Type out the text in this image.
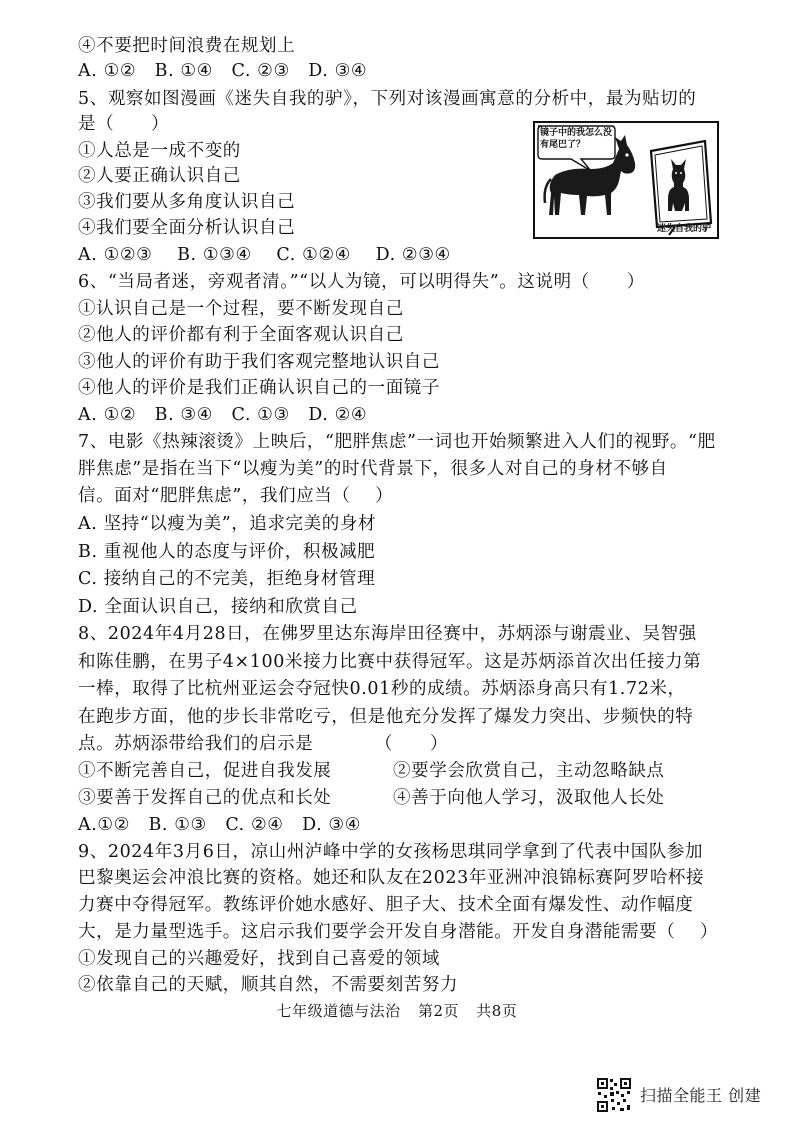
④不要把时间浪费在规划上
A. ①②   B. ①④   C. ②③   D. ③④
5、观察如图漫画《迷失自我的驴》，下列对该漫画寓意的分析中，最为贴切的
是（      ）
①人总是一成不变的
②人要正确认识自己
③我们要从多角度认识自己
④我们要全面分析认识自己
A. ①②③    B. ①③④    C. ①②④    D. ②③④
镜子中的我怎么没有尾巴了？
迷失自我的驴
6、“当局者迷，旁观者清。”“以人为镜，可以明得失”。这说明（      ）
①认识自己是一个过程，要不断发现自己
②他人的评价都有利于全面客观认识自己
③他人的评价有助于我们客观完整地认识自己
④他人的评价是我们正确认识自己的一面镜子
A. ①②   B. ③④   C. ①③   D. ②④
7、电影《热辣滚烫》上映后，“肥胖焦虑”一词也开始频繁进入人们的视野。“肥
胖焦虑”是指在当下“以瘦为美”的时代背景下，很多人对自己的身材不够自
信。面对“肥胖焦虑”，我们应当（    ）
A. 坚持“以瘦为美”，追求完美的身材
B. 重视他人的态度与评价，积极减肥
C. 接纳自己的不完美，拒绝身材管理
D. 全面认识自己，接纳和欣赏自己
8、2024年4月28日，在佛罗里达东海岸田径赛中，苏炳添与谢震业、吴智强
和陈佳鹏，在男子4×100米接力比赛中获得冠军。这是苏炳添首次出任接力第
一棒，取得了比杭州亚运会夺冠快0.01秒的成绩。苏炳添身高只有1.72米，
在跑步方面，他的步长非常吃亏，但是他充分发挥了爆发力突出、步频快的特
点。苏炳添带给我们的启示是          （      ）
①不断完善自己，促进自我发展          ②要学会欣赏自己，主动忽略缺点
③要善于发挥自己的优点和长处          ④善于向他人学习，汲取他人长处
A.①②   B. ①③   C. ②④   D. ③④
9、2024年3月6日，凉山州泸峰中学的女孩杨思琪同学拿到了代表中国队参加
巴黎奥运会冲浪比赛的资格。她还和队友在2023年亚洲冲浪锦标赛阿罗哈杯接
力赛中夺得冠军。教练评价她水感好、胆子大、技术全面有爆发性、动作幅度
大，是力量型选手。这启示我们要学会开发自身潜能。开发自身潜能需要（    ）
①发现自己的兴趣爱好，找到自己喜爱的领域
②依靠自己的天赋，顺其自然，不需要刻苦努力
七年级道德与法治 第2页 共8页
扫描全能王 创建
